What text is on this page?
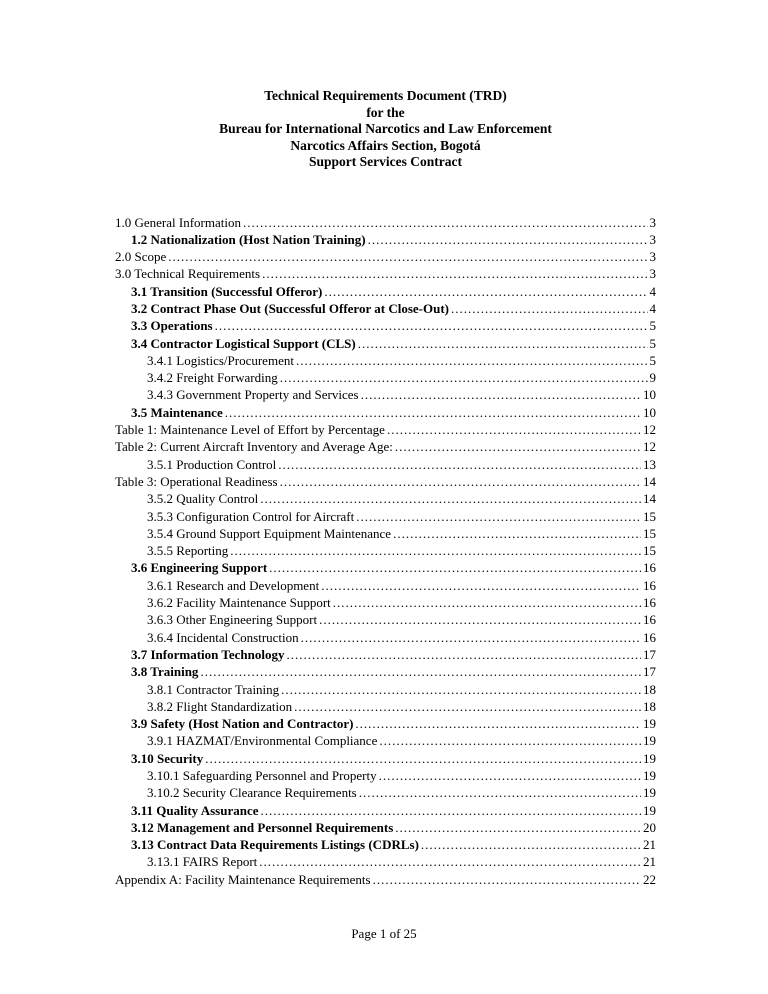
Technical Requirements Document (TRD)
for the
Bureau for International Narcotics and Law Enforcement
Narcotics Affairs Section, Bogotá
Support Services Contract
1.0 General Information .....	3
1.2 Nationalization (Host Nation Training) .....	3
2.0 Scope .....	3
3.0 Technical Requirements .....	3
3.1 Transition (Successful Offeror) .....	4
3.2 Contract Phase Out (Successful Offeror at Close-Out) .....	4
3.3 Operations .....	5
3.4 Contractor Logistical Support (CLS) .....	5
3.4.1 Logistics/Procurement .....	5
3.4.2 Freight Forwarding .....	9
3.4.3 Government Property and Services .....	10
3.5 Maintenance .....	10
Table 1: Maintenance Level of Effort by Percentage .....	12
Table 2: Current Aircraft Inventory and Average Age: .....	12
3.5.1 Production Control .....	13
Table 3: Operational Readiness .....	14
3.5.2 Quality Control .....	14
3.5.3 Configuration Control for Aircraft .....	15
3.5.4 Ground Support Equipment Maintenance .....	15
3.5.5 Reporting .....	15
3.6 Engineering Support .....	16
3.6.1 Research and Development .....	16
3.6.2 Facility Maintenance Support .....	16
3.6.3 Other Engineering Support .....	16
3.6.4 Incidental Construction .....	16
3.7 Information Technology .....	17
3.8 Training .....	17
3.8.1 Contractor Training .....	18
3.8.2 Flight Standardization .....	18
3.9 Safety (Host Nation and Contractor) .....	19
3.9.1 HAZMAT/Environmental Compliance .....	19
3.10 Security .....	19
3.10.1 Safeguarding Personnel and Property .....	19
3.10.2 Security Clearance Requirements .....	19
3.11 Quality Assurance .....	19
3.12 Management and Personnel Requirements .....	20
3.13 Contract Data Requirements Listings (CDRLs) .....	21
3.13.1 FAIRS Report .....	21
Appendix A: Facility Maintenance Requirements .....	22
Page 1 of 25
